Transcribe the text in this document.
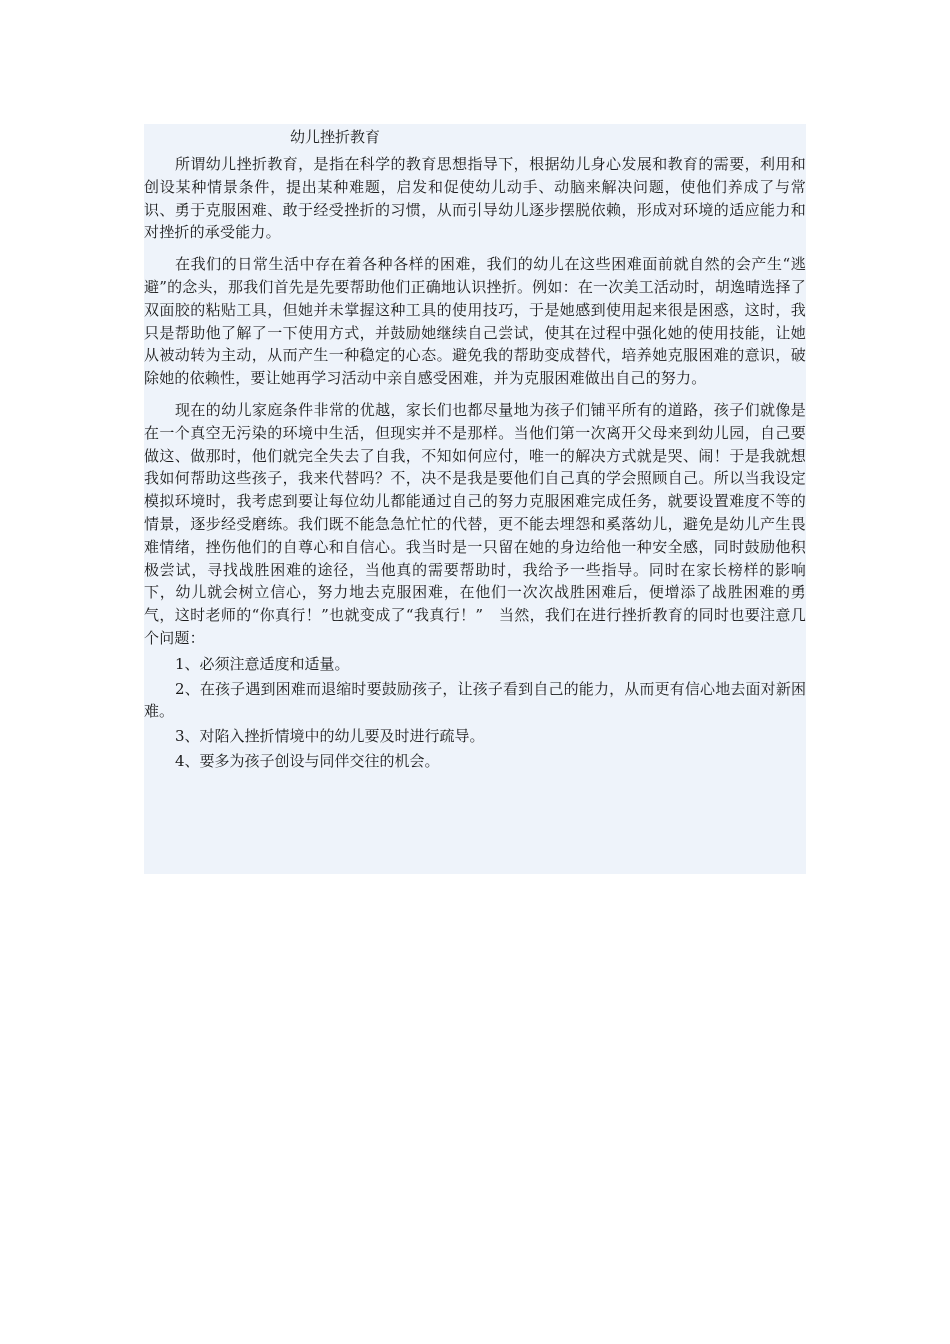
幼儿挫折教育

所谓幼儿挫折教育，是指在科学的教育思想指导下，根据幼儿身心发展和教育的需要，利用和创设某种情景条件，提出某种难题，启发和促使幼儿动手、动脑来解决问题，使他们养成了与常识、勇于克服困难、敢于经受挫折的习惯，从而引导幼儿逐步摆脱依赖，形成对环境的适应能力和对挫折的承受能力。

在我们的日常生活中存在着各种各样的困难，我们的幼儿在这些困难面前就自然的会产生“逃避”的念头，那我们首先是先要帮助他们正确地认识挫折。例如：在一次美工活动时，胡逸晴选择了双面胶的粘贴工具，但她并未掌握这种工具的使用技巧，于是她感到使用起来很是困惑，这时，我只是帮助他了解了一下使用方式，并鼓励她继续自己尝试，使其在过程中强化她的使用技能，让她从被动转为主动，从而产生一种稳定的心态。避免我的帮助变成替代，培养她克服困难的意识，破除她的依赖性，要让她再学习活动中亲自感受困难，并为克服困难做出自己的努力。

现在的幼儿家庭条件非常的优越，家长们也都尽量地为孩子们铺平所有的道路，孩子们就像是在一个真空无污染的环境中生活，但现实并不是那样。当他们第一次离开父母来到幼儿园，自己要做这、做那时，他们就完全失去了自我，不知如何应付，唯一的解决方式就是哭、闹！于是我就想我如何帮助这些孩子，我来代替吗？不，决不是我是要他们自己真的学会照顾自己。所以当我设定模拟环境时，我考虑到要让每位幼儿都能通过自己的努力克服困难完成任务，就要设置难度不等的情景，逐步经受磨练。我们既不能急急忙忙的代替，更不能去埋怨和奚落幼儿，避免是幼儿产生畏难情绪，挫伤他们的自尊心和自信心。我当时是一只留在她的身边给他一种安全感，同时鼓励他积极尝试，寻找战胜困难的途径，当他真的需要帮助时，我给予一些指导。同时在家长榜样的影响下，幼儿就会树立信心，努力地去克服困难，在他们一次次战胜困难后，便增添了战胜困难的勇气，这时老师的“你真行！”也就变成了“我真行！”　当然，我们在进行挫折教育的同时也要注意几个问题：

1、必须注意适度和适量。

2、在孩子遇到困难而退缩时要鼓励孩子，让孩子看到自己的能力，从而更有信心地去面对新困难。

3、对陷入挫折情境中的幼儿要及时进行疏导。

4、要多为孩子创设与同伴交往的机会。
